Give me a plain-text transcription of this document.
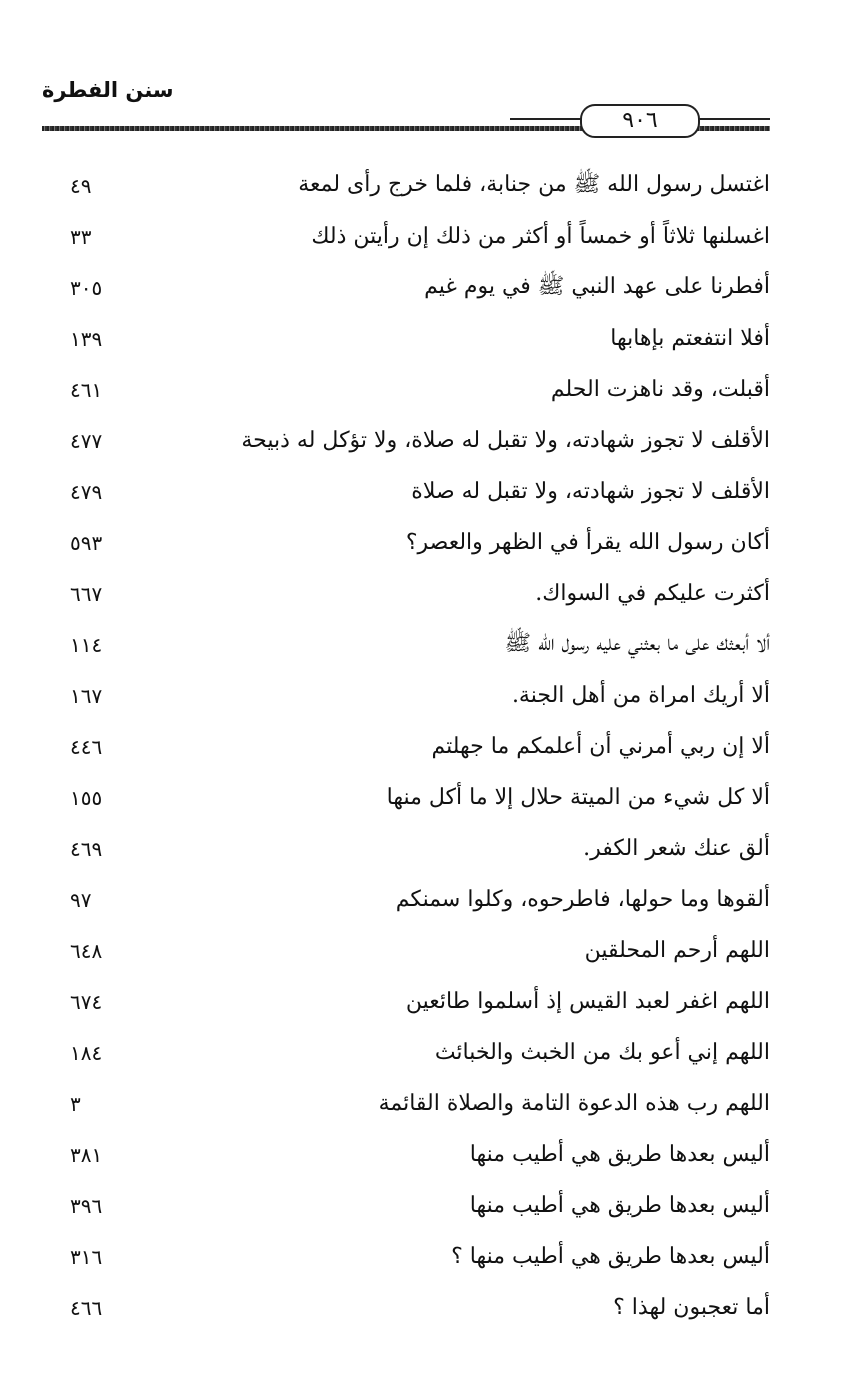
سنن الفطرة
٩٠٦
اغتسل رسول الله ﷺ من جنابة، فلما خرج رأى لمعة
٤٩
اغسلنها ثلاثاً أو خمساً أو أكثر من ذلك إن رأيتن ذلك
٣٣
أفطرنا على عهد النبي ﷺ في يوم غيم
٣٠٥
أفلا انتفعتم بإهابها
١٣٩
أقبلت، وقد ناهزت الحلم
٤٦١
الأقلف لا تجوز شهادته، ولا تقبل له صلاة، ولا تؤكل له ذبيحة
٤٧٧
الأقلف لا تجوز شهادته، ولا تقبل له صلاة
٤٧٩
أكان رسول الله يقرأ في الظهر والعصر؟
٥٩٣
أكثرت عليكم في السواك.
٦٦٧
ألا أبعثك على ما بعثني عليه رسول الله ﷺ
١١٤
ألا أريك امراة من أهل الجنة.
١٦٧
ألا إن ربي أمرني أن أعلمكم ما جهلتم
٤٤٦
ألا كل شيء من الميتة حلال إلا ما أكل منها
١٥٥
ألق عنك شعر الكفر.
٤٦٩
ألقوها وما حولها، فاطرحوه، وكلوا سمنكم
٩٧
اللهم أرحم المحلقين
٦٤٨
اللهم اغفر لعبد القيس إذ أسلموا طائعين
٦٧٤
اللهم إني أعو بك من الخبث والخبائث
١٨٤
اللهم رب هذه الدعوة التامة والصلاة القائمة
٣
أليس بعدها طريق هي أطيب منها
٣٨١
أليس بعدها طريق هي أطيب منها
٣٩٦
أليس بعدها طريق هي أطيب منها ؟
٣١٦
أما تعجبون لهذا ؟
٤٦٦
